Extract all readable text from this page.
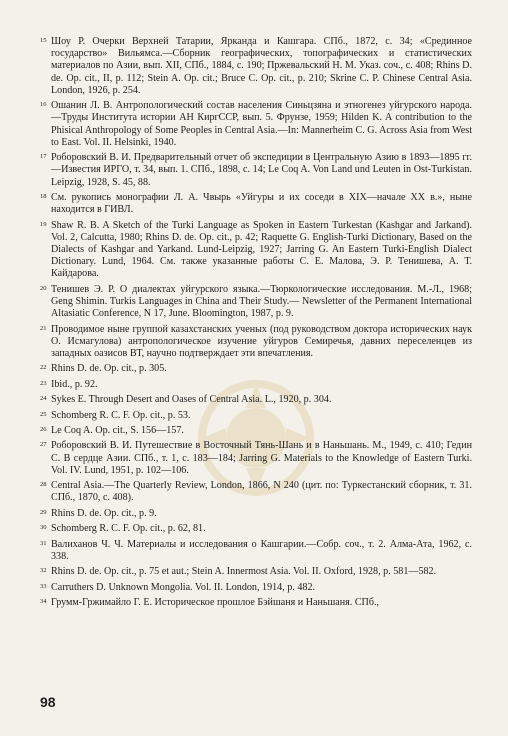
15 Шоу Р. Очерки Верхней Татарии, Ярканда и Кашгара. СПб., 1872, с. 34; «Срединное государство» Вильямса.—Сборник географических, топографических и статистических материалов по Азии, вып. XII, СПб., 1884, с. 190; Пржевальский Н. М. Указ. соч., с. 408; Rhins D. de. Op. cit., II, p. 112; Stein A. Op. cit.; Bruce C. Op. cit., p. 210; Skrine C. P. Chinese Central Asia. London, 1926, p. 254.
16 Ошанин Л. В. Антропологический состав населения Синьцзяна и этногенез уйгурского народа.—Труды Института истории АН КиргССР, вып. 5. Фрунзе, 1959; Hilden K. A contribution to the Phisical Anthropology of Some Peoples in Central Asia.—In: Mannerheim C. G. Across Asia from West to East. Vol. II. Helsinki, 1940.
17 Роборовский В. И. Предварительный отчет об экспедиции в Центральную Азию в 1893—1895 гг.—Известия ИРГО, т. 34, вып. 1. СПб., 1898, с. 14; Le Coq A. Von Land und Leuten in Ost-Turkistan. Leipzig, 1928, S. 45, 88.
18 См. рукопись монографии Л. А. Чвырь «Уйгуры и их соседи в XIX—начале XX в.», ныне находится в ГИВЛ.
19 Shaw R. B. A Sketch of the Turki Language as Spoken in Eastern Turkestan (Kashgar and Jarkand). Vol. 2, Calcutta, 1980; Rhins D. de. Op. cit., p. 42; Raquette G. English-Turki Dictionary, Based on the Dialects of Kashgar and Yarkand. Lund-Leipzig, 1927; Jarring G. An Eastern Turki-English Dialect Dictionary. Lund, 1964. См. также указанные работы С. Е. Малова, Э. Р. Тенишева, А. Т. Кайдарова.
20 Тенишев Э. Р. О диалектах уйгурского языка.—Тюркологические исследования. М.-Л., 1968; Geng Shimin. Turkis Languages in China and Their Study.— Newsletter of the Permanent International Altasiatic Conference, N 17, June. Bloomington, 1987, p. 9.
21 Проводимое ныне группой казахстанских ученых (под руководством доктора исторических наук О. Исмагулова) антропологическое изучение уйгуров Семиречья, давних переселенцев из западных оазисов ВТ, научно подтверждает эти впечатления.
22 Rhins D. de. Op. cit., p. 305.
23 Ibid., p. 92.
24 Sykes E. Through Desert and Oases of Central Asia. L., 1920, p. 304.
25 Schomberg R. C. F. Op. cit., p. 53.
26 Le Coq A. Op. cit., S. 156—157.
27 Роборовский В. И. Путешествие в Восточный Тянь-Шань и в Наньшань. М., 1949, с. 410; Гедин С. В сердце Азии. СПб., т. 1, с. 183—184; Jarring G. Materials to the Knowledge of Eastern Turki. Vol. IV. Lund, 1951, p. 102—106.
28 Central Asia.—The Quarterly Review, London, 1866, N 240 (цит. по: Туркестанский сборник, т. 31. СПб., 1870, с. 408).
29 Rhins D. de. Op. cit., p. 9.
30 Schomberg R. C. F. Op. cit., p. 62, 81.
31 Валиханов Ч. Ч. Материалы и исследования о Кашгарии.—Собр. соч., т. 2. Алма-Ата, 1962, с. 338.
32 Rhins D. de. Op. cit., p. 75 et aut.; Stein A. Innermost Asia. Vol. II. Oxford, 1928, p. 581—582.
33 Carruthers D. Unknown Mongolia. Vol. II. London, 1914, p. 482.
34 Грумм-Гржимайло Г. Е. Историческое прошлое Бэйшаня и Наньшаня. СПб.,
98
